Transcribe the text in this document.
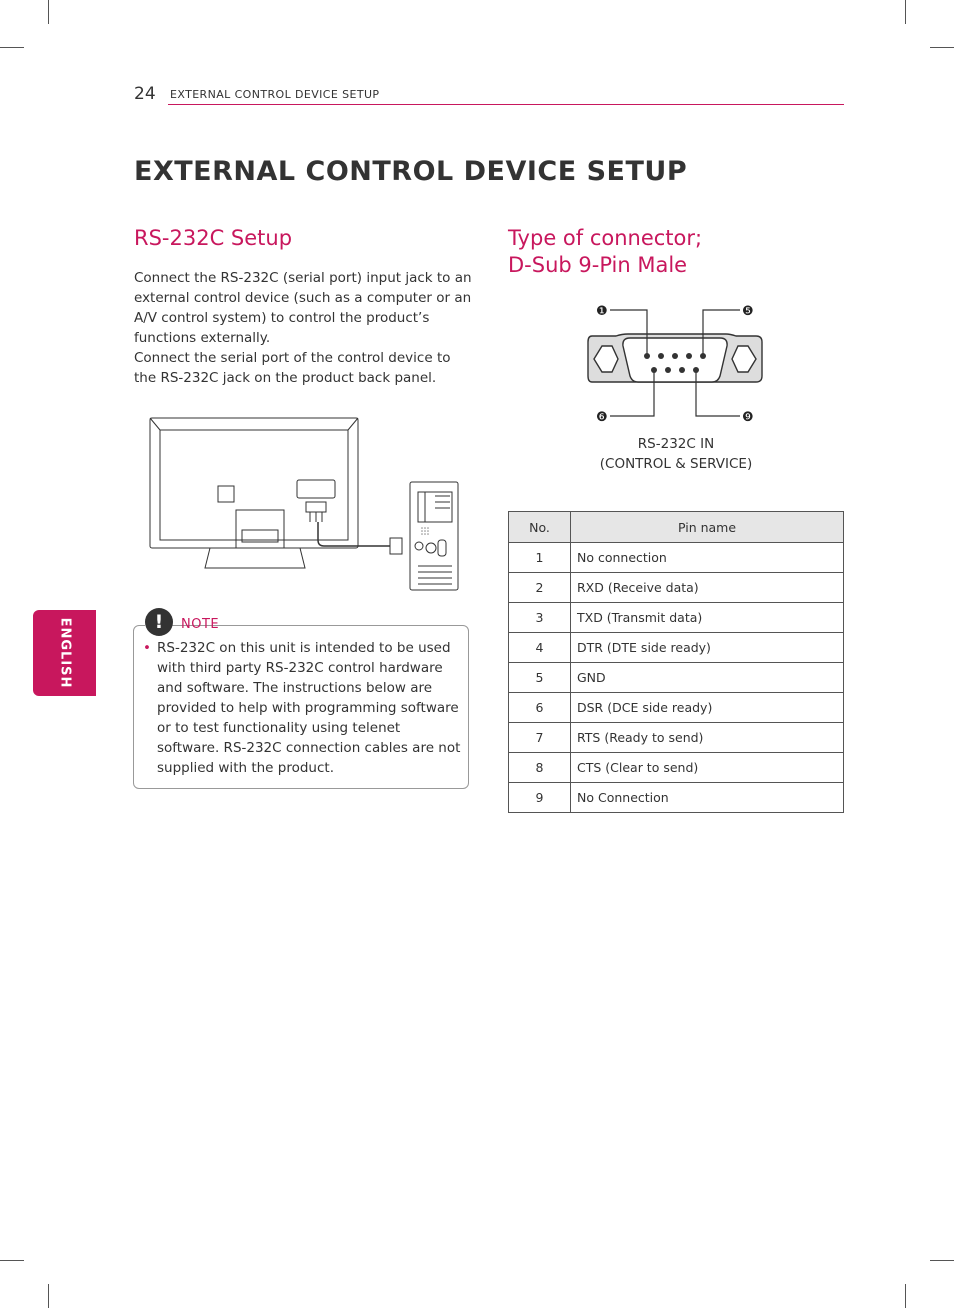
24 EXTERNAL CONTROL DEVICE SETUP
EXTERNAL CONTROL DEVICE SETUP
RS-232C Setup

Connect the RS-232C (serial port) input jack to an external control device (such as a computer or an A/V control system) to control the product’s functions externally.

Connect the serial port of the control device to the RS-232C jack on the product back panel.

!	NOTE
• RS-232C on this unit is intended to be used with third party RS-232C control hardware and software. The instructions below are provided to help with programming software or to test functionality using telenet software. RS-232C connection cables are not supplied with the product.
ENGLISH
Type of connector;
D-Sub 9-Pin Male
❶	❺
❻	❾
RS-232C IN
(CONTROL & SERVICE)
No.	Pin name
1	No connection
2	RXD (Receive data)
3	TXD (Transmit data)
4	DTR (DTE side ready)
5	GND
6	DSR (DCE side ready)
7	RTS (Ready to send)
8	CTS (Clear to send)
9	No Connection
